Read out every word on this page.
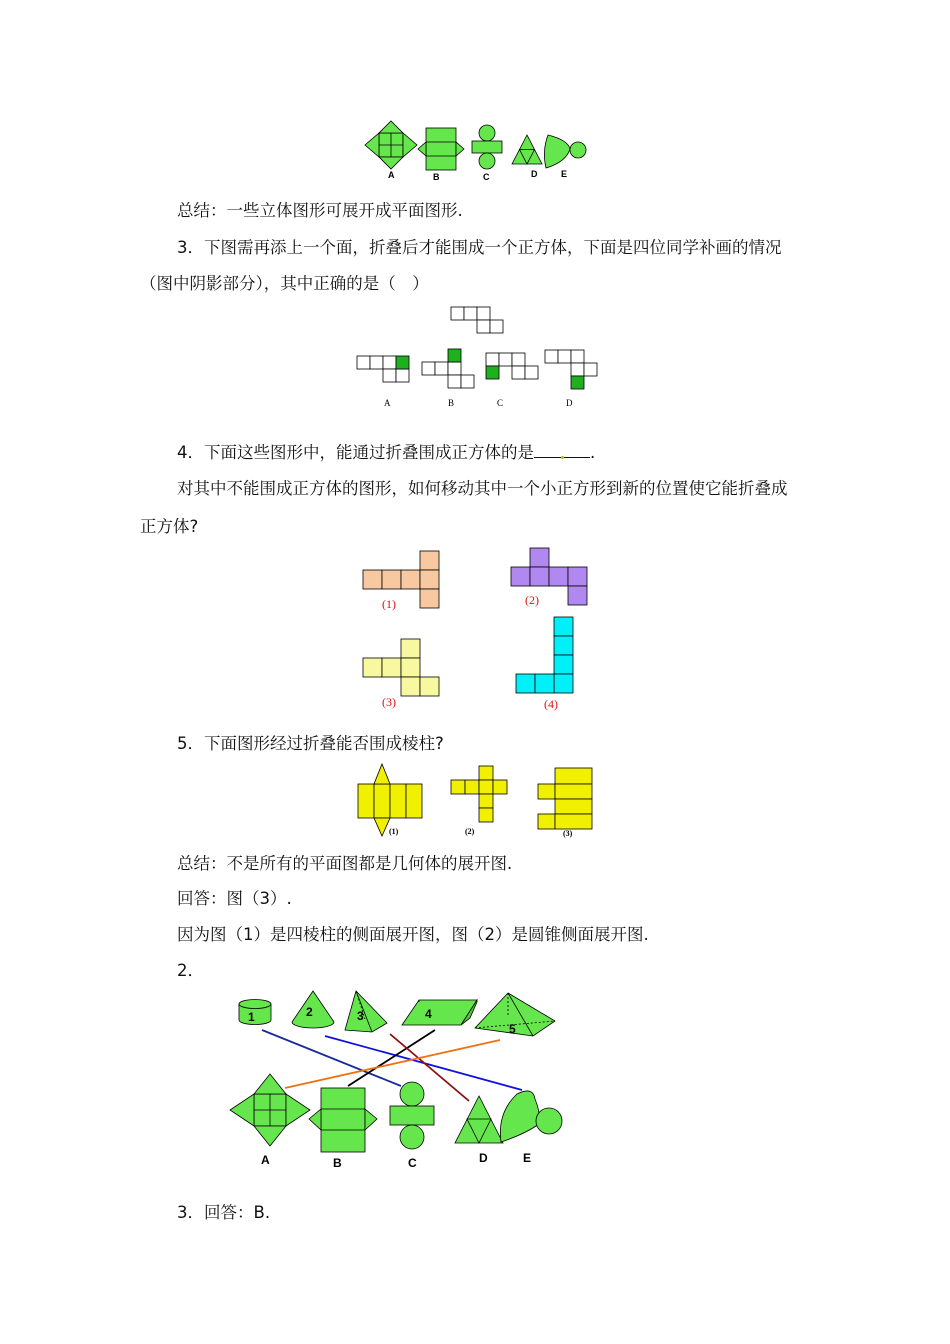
A	B	C	D	E
总结：一些立体图形可展开成平面图形.
3．下图需再添上一个面，折叠后才能围成一个正方体，下面是四位同学补画的情况
（图中阴影部分），其中正确的是（　）
A	B	C	D
4．下面这些图形中，能通过折叠围成正方体的是	.
对其中不能围成正方体的图形，如何移动其中一个小正方形到新的位置使它能折叠成
正方体?
(1)	(2)
(3)	(4)
5．下面图形经过折叠能否围成棱柱?
(1)	(2)	(3)
总结：不是所有的平面图都是几何体的展开图.
回答：图（3）.
因为图（1）是四棱柱的侧面展开图，图（2）是圆锥侧面展开图.
2．
1	2	3	4
5
A	B	C	D	E
3．回答：B.
